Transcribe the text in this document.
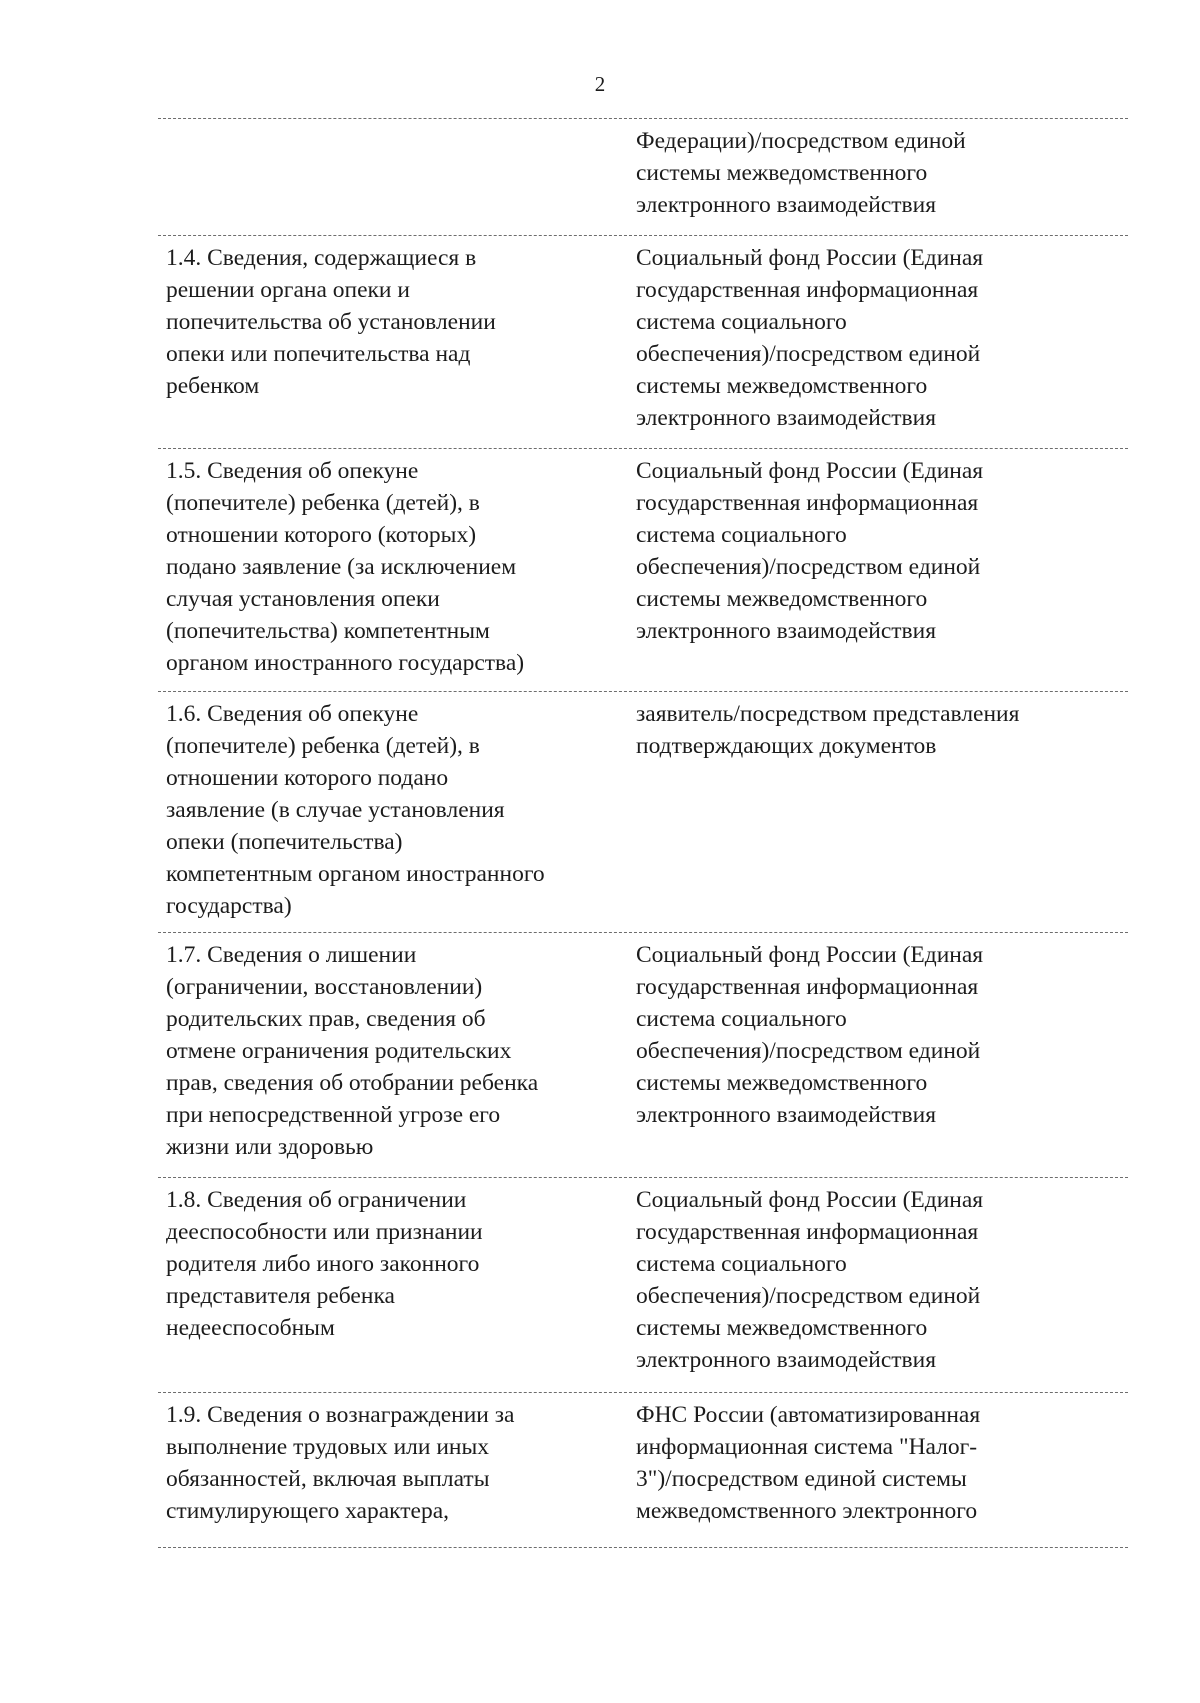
2
Федерации)/посредством единой
системы межведомственного
электронного взаимодействия
1.4. Сведения, содержащиеся в
решении органа опеки и
попечительства об установлении
опеки или попечительства над
ребенком
Социальный фонд России (Единая
государственная информационная
система социального
обеспечения)/посредством единой
системы межведомственного
электронного взаимодействия
1.5. Сведения об опекуне
(попечителе) ребенка (детей), в
отношении которого (которых)
подано заявление (за исключением
случая установления опеки
(попечительства) компетентным
органом иностранного государства)
Социальный фонд России (Единая
государственная информационная
система социального
обеспечения)/посредством единой
системы межведомственного
электронного взаимодействия
1.6. Сведения об опекуне
(попечителе) ребенка (детей), в
отношении которого подано
заявление (в случае установления
опеки (попечительства)
компетентным органом иностранного
государства)
заявитель/посредством представления
подтверждающих документов
1.7. Сведения о лишении
(ограничении, восстановлении)
родительских прав, сведения об
отмене ограничения родительских
прав, сведения об отобрании ребенка
при непосредственной угрозе его
жизни или здоровью
Социальный фонд России (Единая
государственная информационная
система социального
обеспечения)/посредством единой
системы межведомственного
электронного взаимодействия
1.8. Сведения об ограничении
дееспособности или признании
родителя либо иного законного
представителя ребенка
недееспособным
Социальный фонд России (Единая
государственная информационная
система социального
обеспечения)/посредством единой
системы межведомственного
электронного взаимодействия
1.9. Сведения о вознаграждении за
выполнение трудовых или иных
обязанностей, включая выплаты
стимулирующего характера,
ФНС России (автоматизированная
информационная система "Налог-
3")/посредством единой системы
межведомственного электронного
